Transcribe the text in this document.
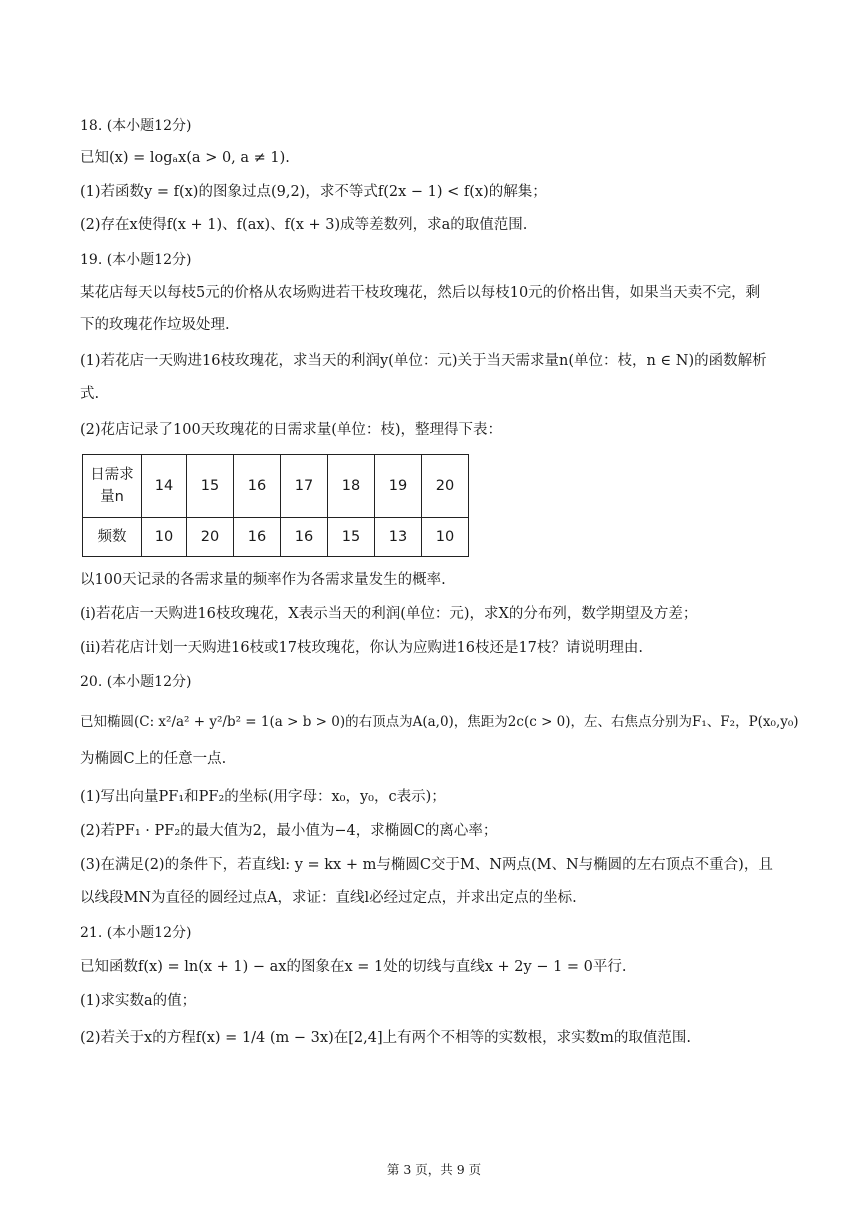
18. (本小题12分)
已知(x) = logₐx(a > 0, a ≠ 1).
(1)若函数y = f(x)的图象过点(9,2)，求不等式f(2x − 1) < f(x)的解集；
(2)存在x使得f(x + 1)、f(ax)、f(x + 3)成等差数列，求a的取值范围.
19. (本小题12分)
某花店每天以每枝5元的价格从农场购进若干枝玫瑰花，然后以每枝10元的价格出售，如果当天卖不完，剩
下的玫瑰花作垃圾处理.
(1)若花店一天购进16枝玫瑰花，求当天的利润y(单位：元)关于当天需求量n(单位：枝，n ∈ N)的函数解析
式.
(2)花店记录了100天玫瑰花的日需求量(单位：枝)，整理得下表：
日需求
量n	14	15	16	17	18	19	20
频数	10	20	16	16	15	13	10
以100天记录的各需求量的频率作为各需求量发生的概率.
(i)若花店一天购进16枝玫瑰花，X表示当天的利润(单位：元)，求X的分布列，数学期望及方差；
(ii)若花店计划一天购进16枝或17枝玫瑰花，你认为应购进16枝还是17枝？请说明理由.
20. (本小题12分)
已知椭圆(C: x²/a² + y²/b² = 1(a > b > 0)的右顶点为A(a,0)，焦距为2c(c > 0)，左、右焦点分别为F₁、F₂，P(x₀,y₀)
为椭圆C上的任意一点.
(1)写出向量PF₁和PF₂的坐标(用字母：x₀，y₀，c表示)；
(2)若PF₁ · PF₂的最大值为2，最小值为−4，求椭圆C的离心率；
(3)在满足(2)的条件下，若直线l: y = kx + m与椭圆C交于M、N两点(M、N与椭圆的左右顶点不重合)，且
以线段MN为直径的圆经过点A，求证：直线l必经过定点，并求出定点的坐标.
21. (本小题12分)
已知函数f(x) = ln(x + 1) − ax的图象在x = 1处的切线与直线x + 2y − 1 = 0平行.
(1)求实数a的值；
(2)若关于x的方程f(x) = 1/4 (m − 3x)在[2,4]上有两个不相等的实数根，求实数m的取值范围.
第 3 页，共 9 页
